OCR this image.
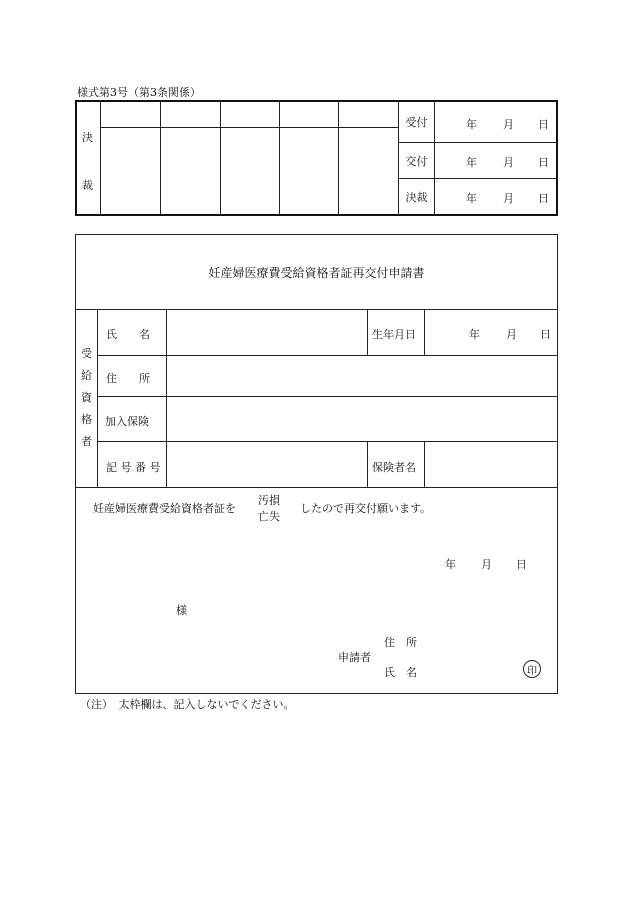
様式第3号（第3条関係）
決
裁
受付	年 月 日
交付	年 月 日
決裁	年 月 日
妊産婦医療費受給資格者証再交付申請書
受
給
資
格
者
氏　　名	生年月日	年 月 日
住　　所
加入保険
記 号 番 号	保険者名
妊産婦医療費受給資格者証を
汚損
亡失
したので再交付願います。
年 月 日
様
申請者
住　所
氏　名	印
（注）　太枠欄は、記入しないでください。
